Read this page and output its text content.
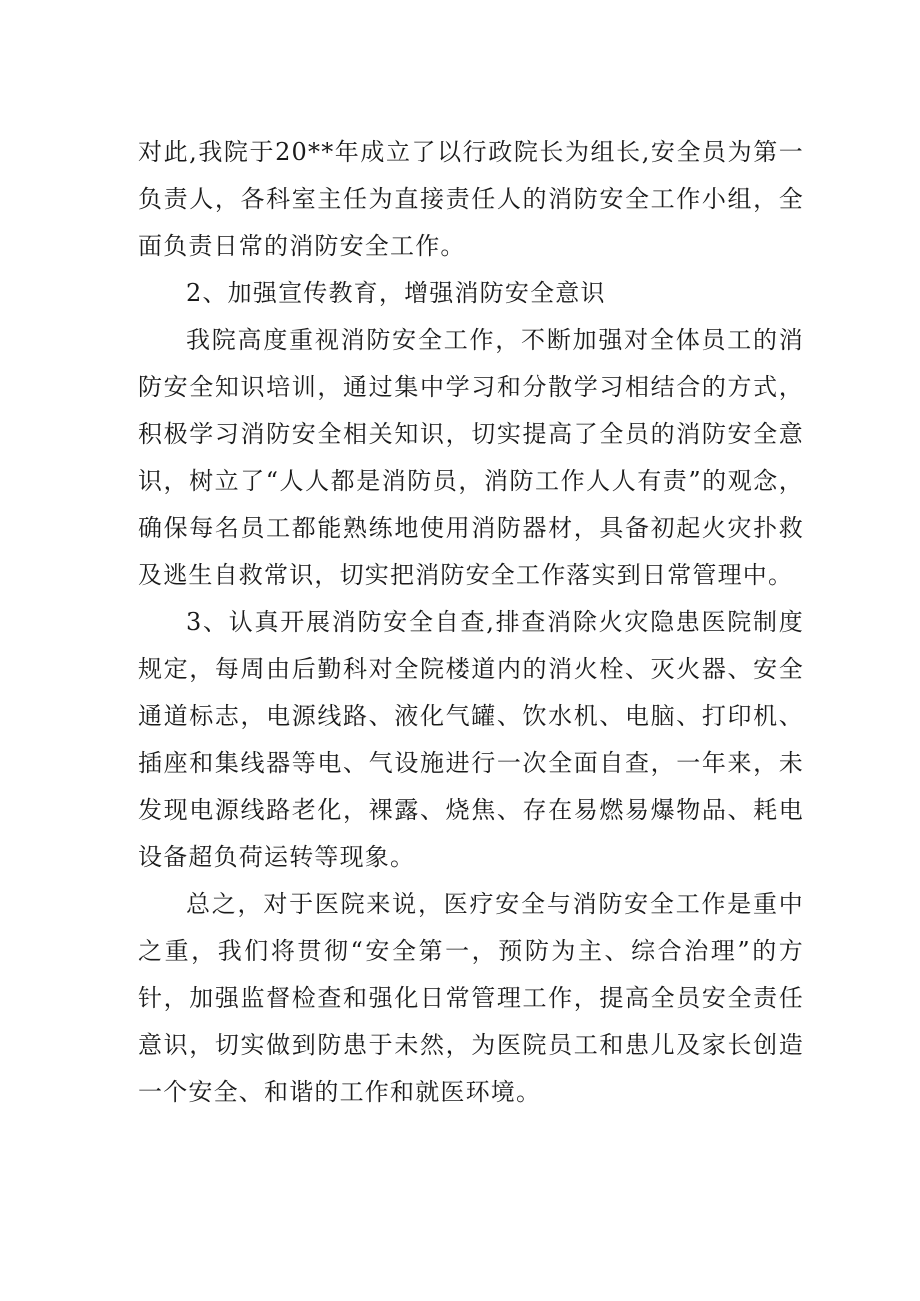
对此,我院于20**年成立了以行政院长为组长,安全员为第一负责人，各科室主任为直接责任人的消防安全工作小组，全面负责日常的消防安全工作。

2、加强宣传教育，增强消防安全意识

我院高度重视消防安全工作，不断加强对全体员工的消防安全知识培训，通过集中学习和分散学习相结合的方式，积极学习消防安全相关知识，切实提高了全员的消防安全意识，树立了“人人都是消防员，消防工作人人有责”的观念，确保每名员工都能熟练地使用消防器材，具备初起火灾扑救及逃生自救常识，切实把消防安全工作落实到日常管理中。

3、认真开展消防安全自查,排查消除火灾隐患医院制度规定，每周由后勤科对全院楼道内的消火栓、灭火器、安全通道标志，电源线路、液化气罐、饮水机、电脑、打印机、插座和集线器等电、气设施进行一次全面自查，一年来，未发现电源线路老化，裸露、烧焦、存在易燃易爆物品、耗电设备超负荷运转等现象。

总之，对于医院来说，医疗安全与消防安全工作是重中之重，我们将贯彻“安全第一，预防为主、综合治理”的方针，加强监督检查和强化日常管理工作，提高全员安全责任意识，切实做到防患于未然，为医院员工和患儿及家长创造一个安全、和谐的工作和就医环境。
